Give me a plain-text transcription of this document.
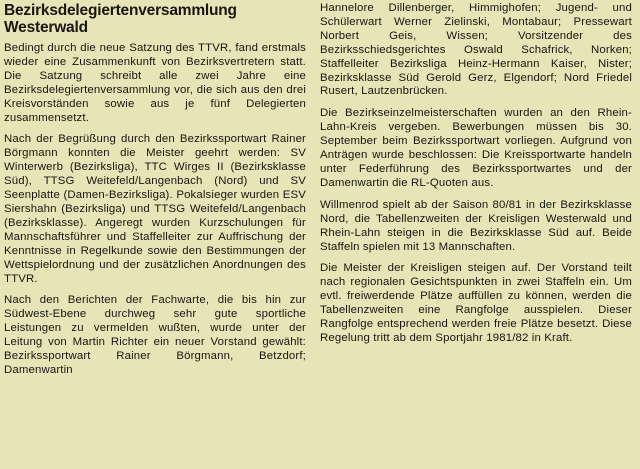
Bezirksdelegiertenversammlung Westerwald

Bedingt durch die neue Satzung des TTVR, fand erstmals wieder eine Zusammenkunft von Bezirksvertretern statt. Die Satzung schreibt alle zwei Jahre eine Bezirksdelegiertenversammlung vor, die sich aus den drei Kreisvorständen sowie aus je fünf Delegierten zusammensetzt.

Nach der Begrüßung durch den Bezirkssportwart Rainer Börgmann konnten die Meister geehrt werden: SV Winterwerb (Bezirksliga), TTC Wirges II (Bezirksklasse Süd), TTSG Weitefeld/Langenbach (Nord) und SV Seenplatte (Damen-Bezirksliga). Pokalsieger wurden ESV Siershahn (Bezirksliga) und TTSG Weitefeld/Langenbach (Bezirksklasse). Angeregt wurden Kurzschulungen für Mannschaftsführer und Staffelleiter zur Auffrischung der Kenntnisse in Regelkunde sowie den Bestimmungen der Wettspielordnung und der zusätzlichen Anordnungen des TTVR.

Nach den Berichten der Fachwarte, die bis hin zur Südwest-Ebene durchweg sehr gute sportliche Leistungen zu vermelden wußten, wurde unter der Leitung von Martin Richter ein neuer Vorstand gewählt: Bezirkssportwart Rainer Börgmann, Betzdorf; Damenwartin

Hannelore Dillenberger, Himmighofen; Jugend- und Schülerwart Werner Zielinski, Montabaur; Pressewart Norbert Geis, Wissen; Vorsitzender des Bezirksschiedsgerichtes Oswald Schafrick, Norken; Staffelleiter Bezirksliga Heinz-Hermann Kaiser, Nister; Bezirksklasse Süd Gerold Gerz, Elgendorf; Nord Friedel Rusert, Lautzenbrücken.

Die Bezirkseinzelmeisterschaften wurden an den Rhein-Lahn-Kreis vergeben. Bewerbungen müssen bis 30. September beim Bezirkssportwart vorliegen. Aufgrund von Anträgen wurde beschlossen: Die Kreissportwarte handeln unter Federführung des Bezirkssportwartes und der Damenwartin die RL-Quoten aus.

Willmenrod spielt ab der Saison 80/81 in der Bezirksklasse Nord, die Tabellenzweiten der Kreisligen Westerwald und Rhein-Lahn steigen in die Bezirksklasse Süd auf. Beide Staffeln spielen mit 13 Mannschaften.

Die Meister der Kreisligen steigen auf. Der Vorstand teilt nach regionalen Gesichtspunkten in zwei Staffeln ein. Um evtl. freiwerdende Plätze auffüllen zu können, werden die Tabellenzweiten eine Rangfolge ausspielen. Dieser Rangfolge entsprechend werden freie Plätze besetzt. Diese Regelung tritt ab dem Sportjahr 1981/82 in Kraft.
